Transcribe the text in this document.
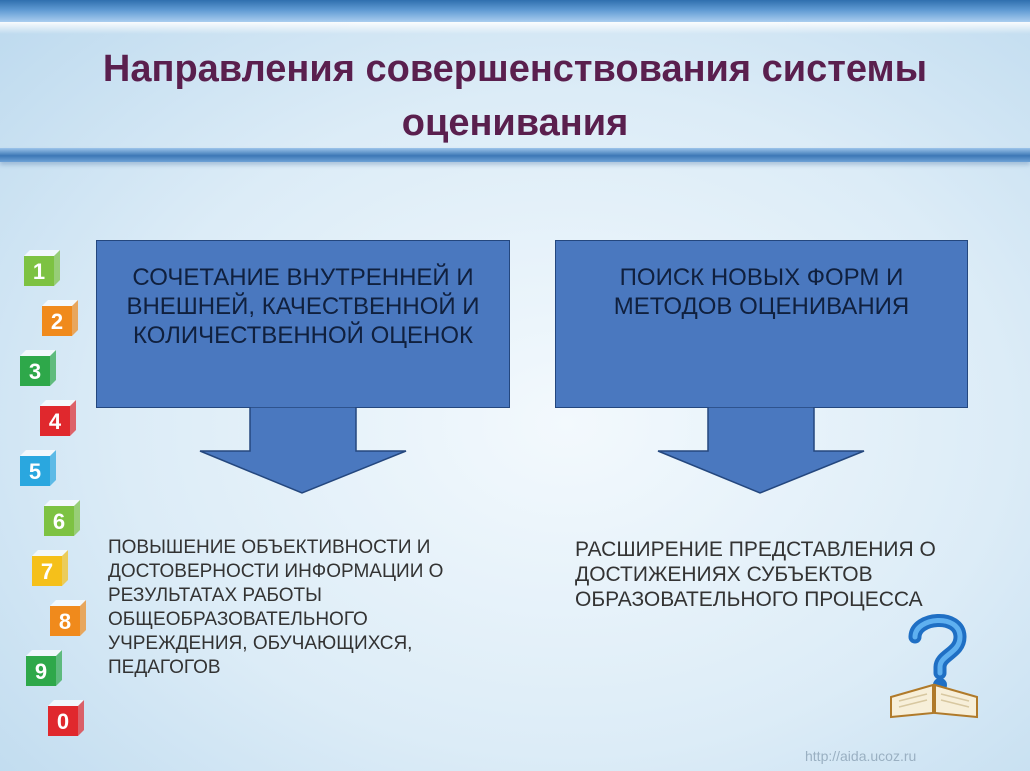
Направления совершенствования системы оценивания
1
2
3
4
5
6
7
8
9
0
СОЧЕТАНИЕ ВНУТРЕННЕЙ И ВНЕШНЕЙ, КАЧЕСТВЕННОЙ И КОЛИЧЕСТВЕННОЙ ОЦЕНОК
ПОИСК НОВЫХ ФОРМ И МЕТОДОВ ОЦЕНИВАНИЯ
ПОВЫШЕНИЕ ОБЪЕКТИВНОСТИ И ДОСТОВЕРНОСТИ ИНФОРМАЦИИ О РЕЗУЛЬТАТАХ РАБОТЫ ОБЩЕОБРАЗОВАТЕЛЬНОГО УЧРЕЖДЕНИЯ, ОБУЧАЮЩИХСЯ, ПЕДАГОГОВ
РАСШИРЕНИЕ ПРЕДСТАВЛЕНИЯ О ДОСТИЖЕНИЯХ СУБЪЕКТОВ ОБРАЗОВАТЕЛЬНОГО ПРОЦЕССА
http://aida.ucoz.ru
